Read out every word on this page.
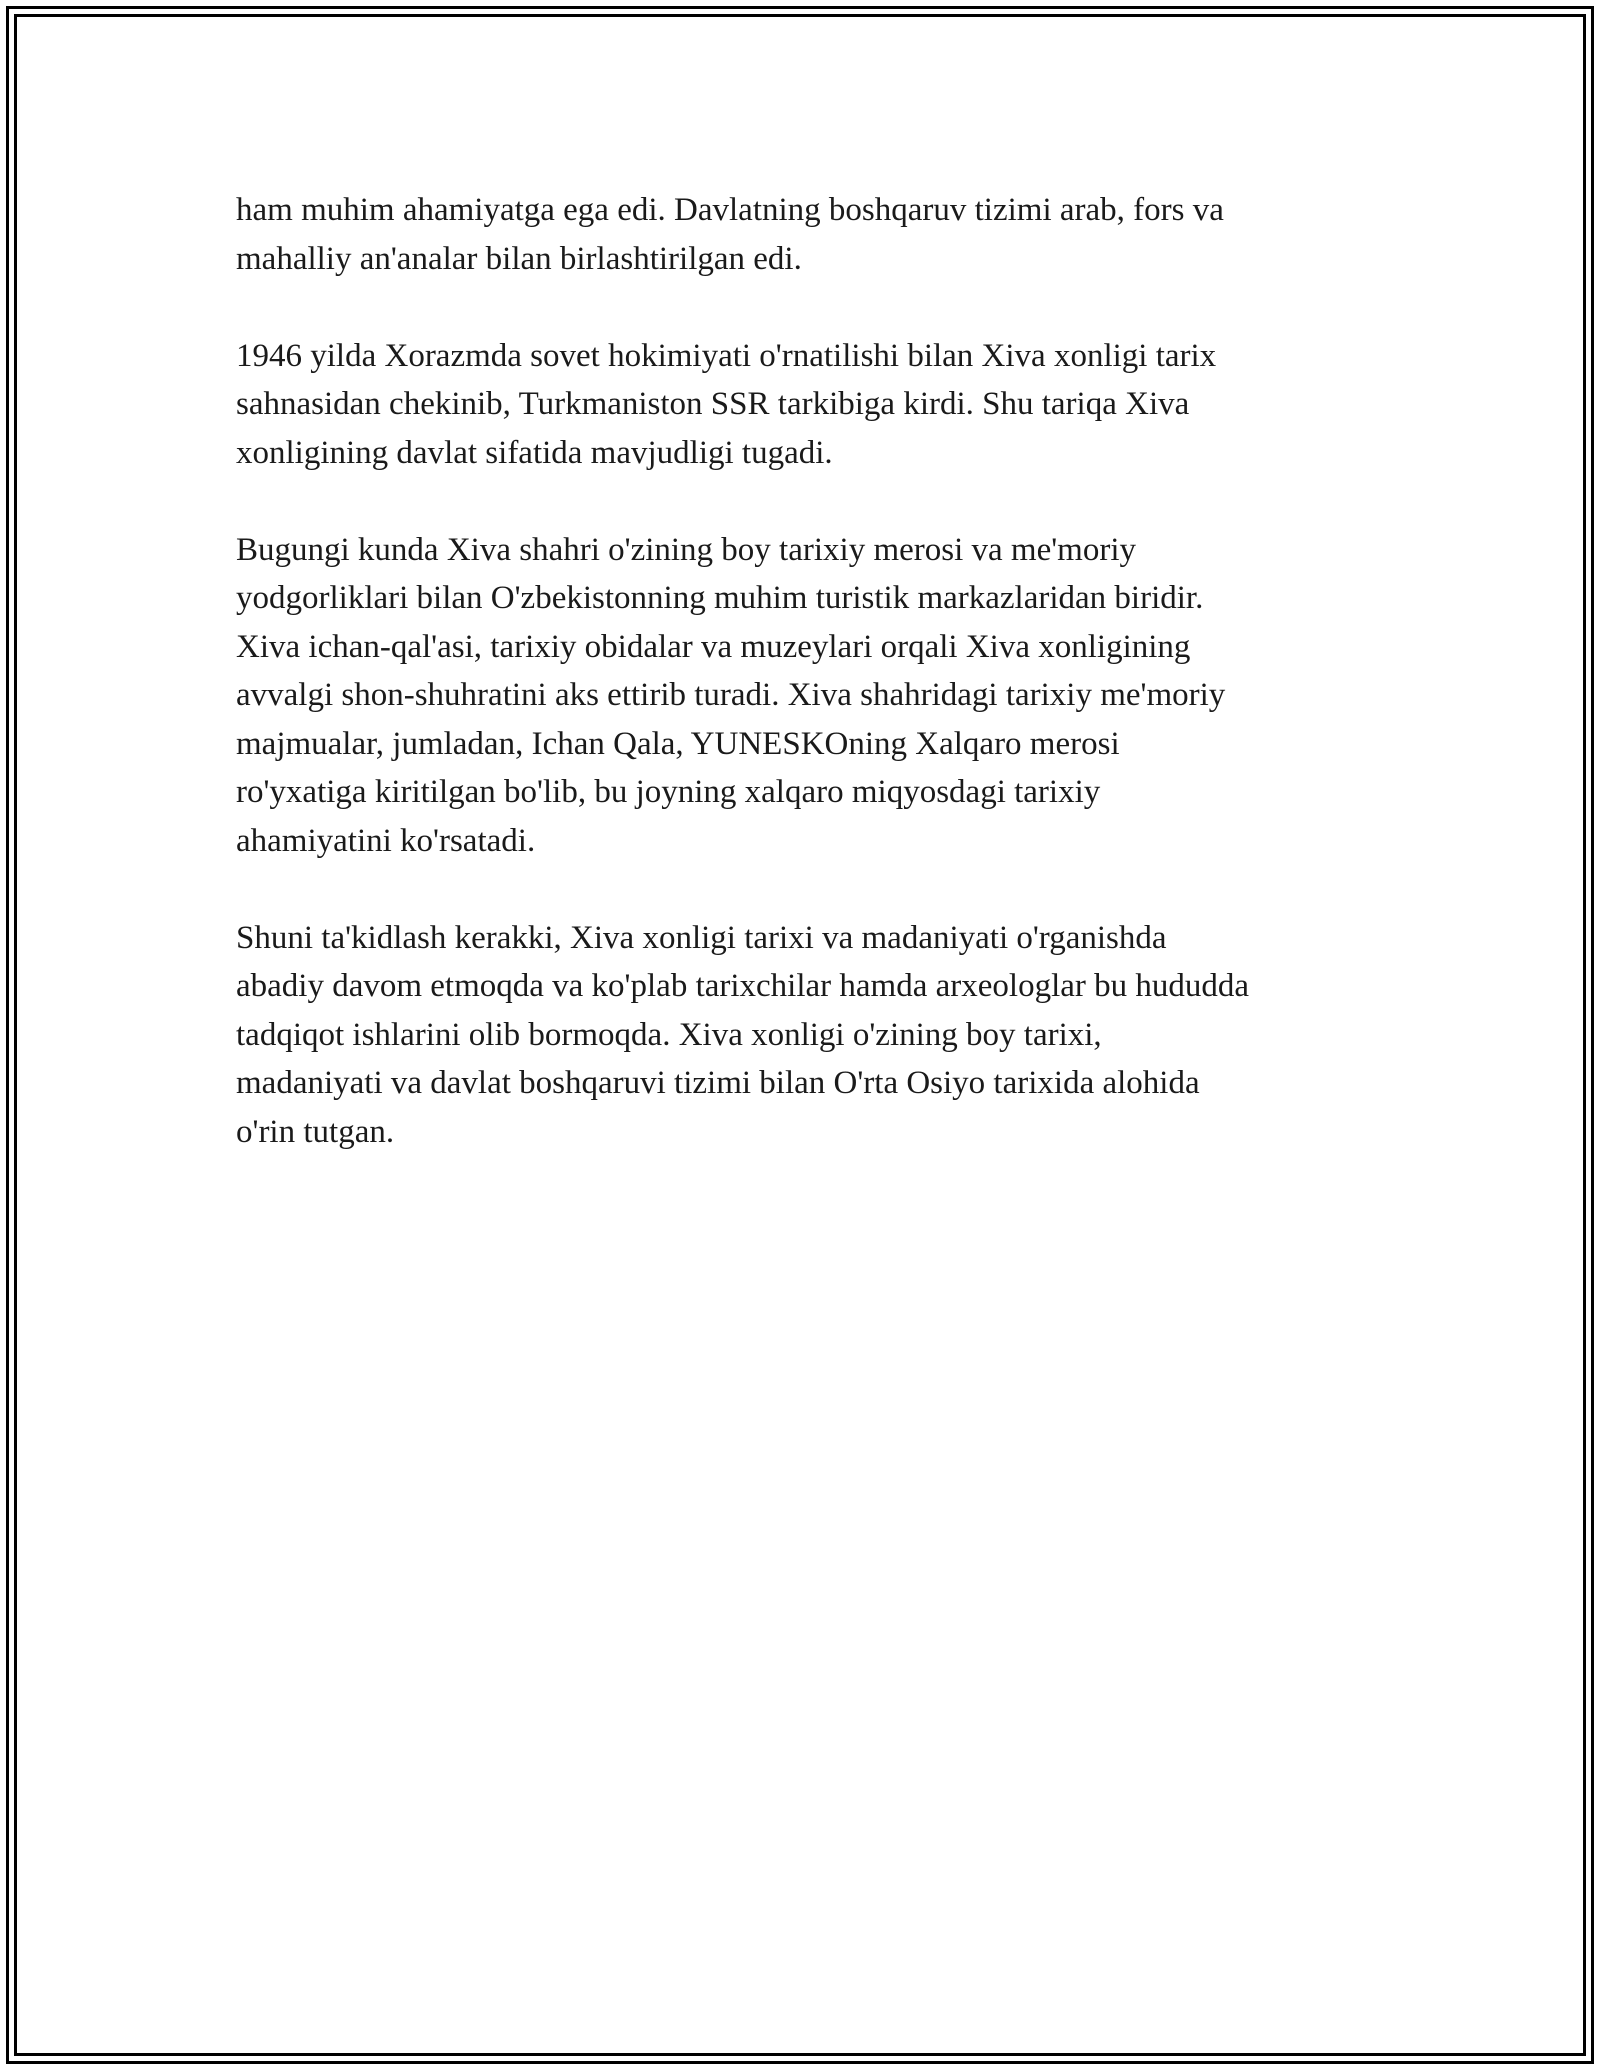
ham muhim ahamiyatga ega edi. Davlatning boshqaruv tizimi arab, fors va
mahalliy an'analar bilan birlashtirilgan edi.

1946 yilda Xorazmda sovet hokimiyati o'rnatilishi bilan Xiva xonligi tarix
sahnasidan chekinib, Turkmaniston SSR tarkibiga kirdi. Shu tariqa Xiva
xonligining davlat sifatida mavjudligi tugadi.

Bugungi kunda Xiva shahri o'zining boy tarixiy merosi va me'moriy
yodgorliklari bilan O'zbekistonning muhim turistik markazlaridan biridir.
Xiva ichan-qal'asi, tarixiy obidalar va muzeylari orqali Xiva xonligining
avvalgi shon-shuhratini aks ettirib turadi. Xiva shahridagi tarixiy me'moriy
majmualar, jumladan, Ichan Qala, YUNESKOning Xalqaro merosi
ro'yxatiga kiritilgan bo'lib, bu joyning xalqaro miqyosdagi tarixiy
ahamiyatini ko'rsatadi.

Shuni ta'kidlash kerakki, Xiva xonligi tarixi va madaniyati o'rganishda
abadiy davom etmoqda va ko'plab tarixchilar hamda arxeologlar bu hududda
tadqiqot ishlarini olib bormoqda. Xiva xonligi o'zining boy tarixi,
madaniyati va davlat boshqaruvi tizimi bilan O'rta Osiyo tarixida alohida
o'rin tutgan.
